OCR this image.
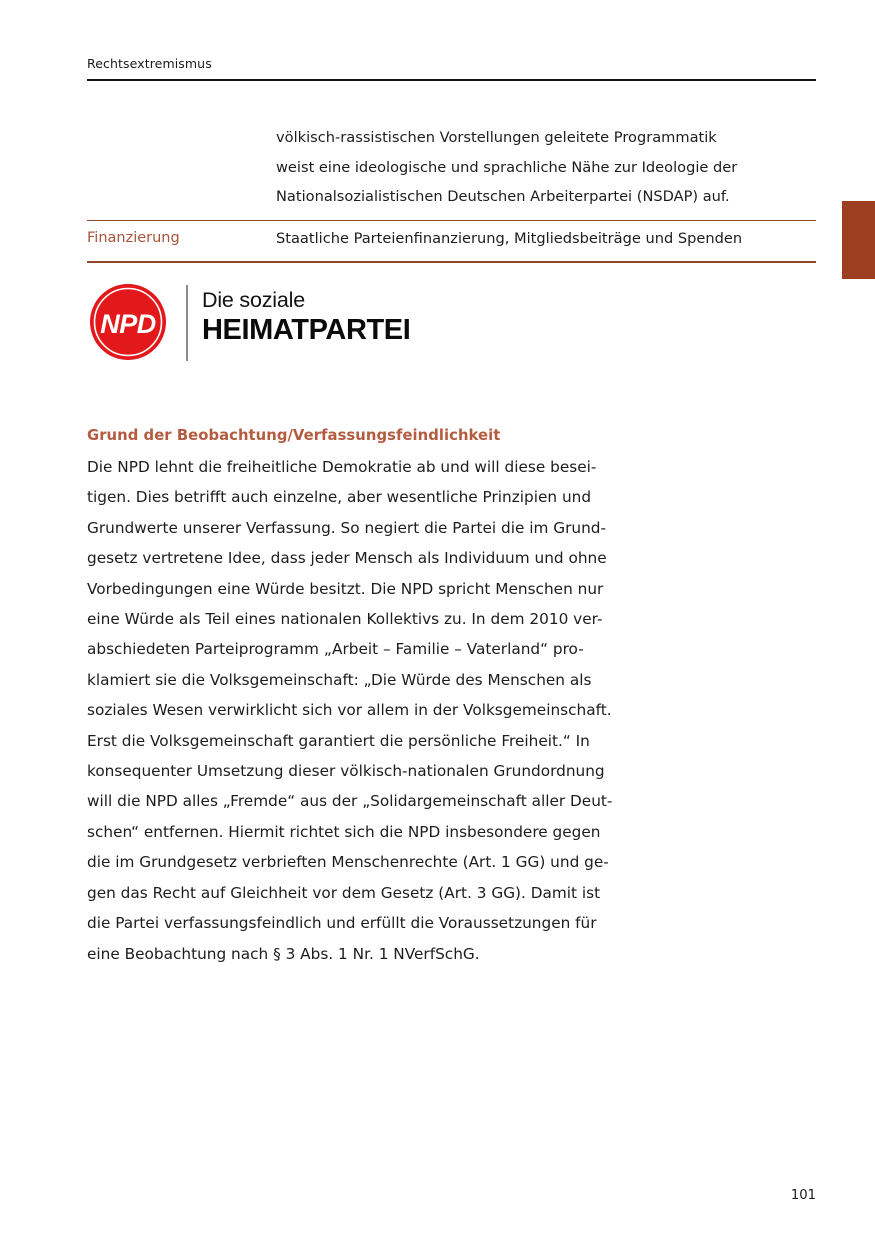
Rechtsextremismus
völkisch-rassistischen Vorstellungen geleitete Programmatik
weist eine ideologische und sprachliche Nähe zur Ideologie der
Nationalsozialistischen Deutschen Arbeiterpartei (NSDAP) auf.
Finanzierung	Staatliche Parteienfinanzierung, Mitgliedsbeiträge und Spenden
NPD
Die soziale
HEIMATPARTEI
Grund der Beobachtung/Verfassungsfeindlichkeit
Die NPD lehnt die freiheitliche Demokratie ab und will diese besei-
tigen. Dies betrifft auch einzelne, aber wesentliche Prinzipien und
Grundwerte unserer Verfassung. So negiert die Partei die im Grund-
gesetz vertretene Idee, dass jeder Mensch als Individuum und ohne
Vorbedingungen eine Würde besitzt. Die NPD spricht Menschen nur
eine Würde als Teil eines nationalen Kollektivs zu. In dem 2010 ver-
abschiedeten Parteiprogramm „Arbeit – Familie – Vaterland“ pro-
klamiert sie die Volksgemeinschaft: „Die Würde des Menschen als
soziales Wesen verwirklicht sich vor allem in der Volksgemeinschaft.
Erst die Volksgemeinschaft garantiert die persönliche Freiheit.“ In
konsequenter Umsetzung dieser völkisch-nationalen Grundordnung
will die NPD alles „Fremde“ aus der „Solidargemeinschaft aller Deut-
schen“ entfernen. Hiermit richtet sich die NPD insbesondere gegen
die im Grundgesetz verbrieften Menschenrechte (Art. 1 GG) und ge-
gen das Recht auf Gleichheit vor dem Gesetz (Art. 3 GG). Damit ist
die Partei verfassungsfeindlich und erfüllt die Voraussetzungen für
eine Beobachtung nach § 3 Abs. 1 Nr. 1 NVerfSchG.
101
